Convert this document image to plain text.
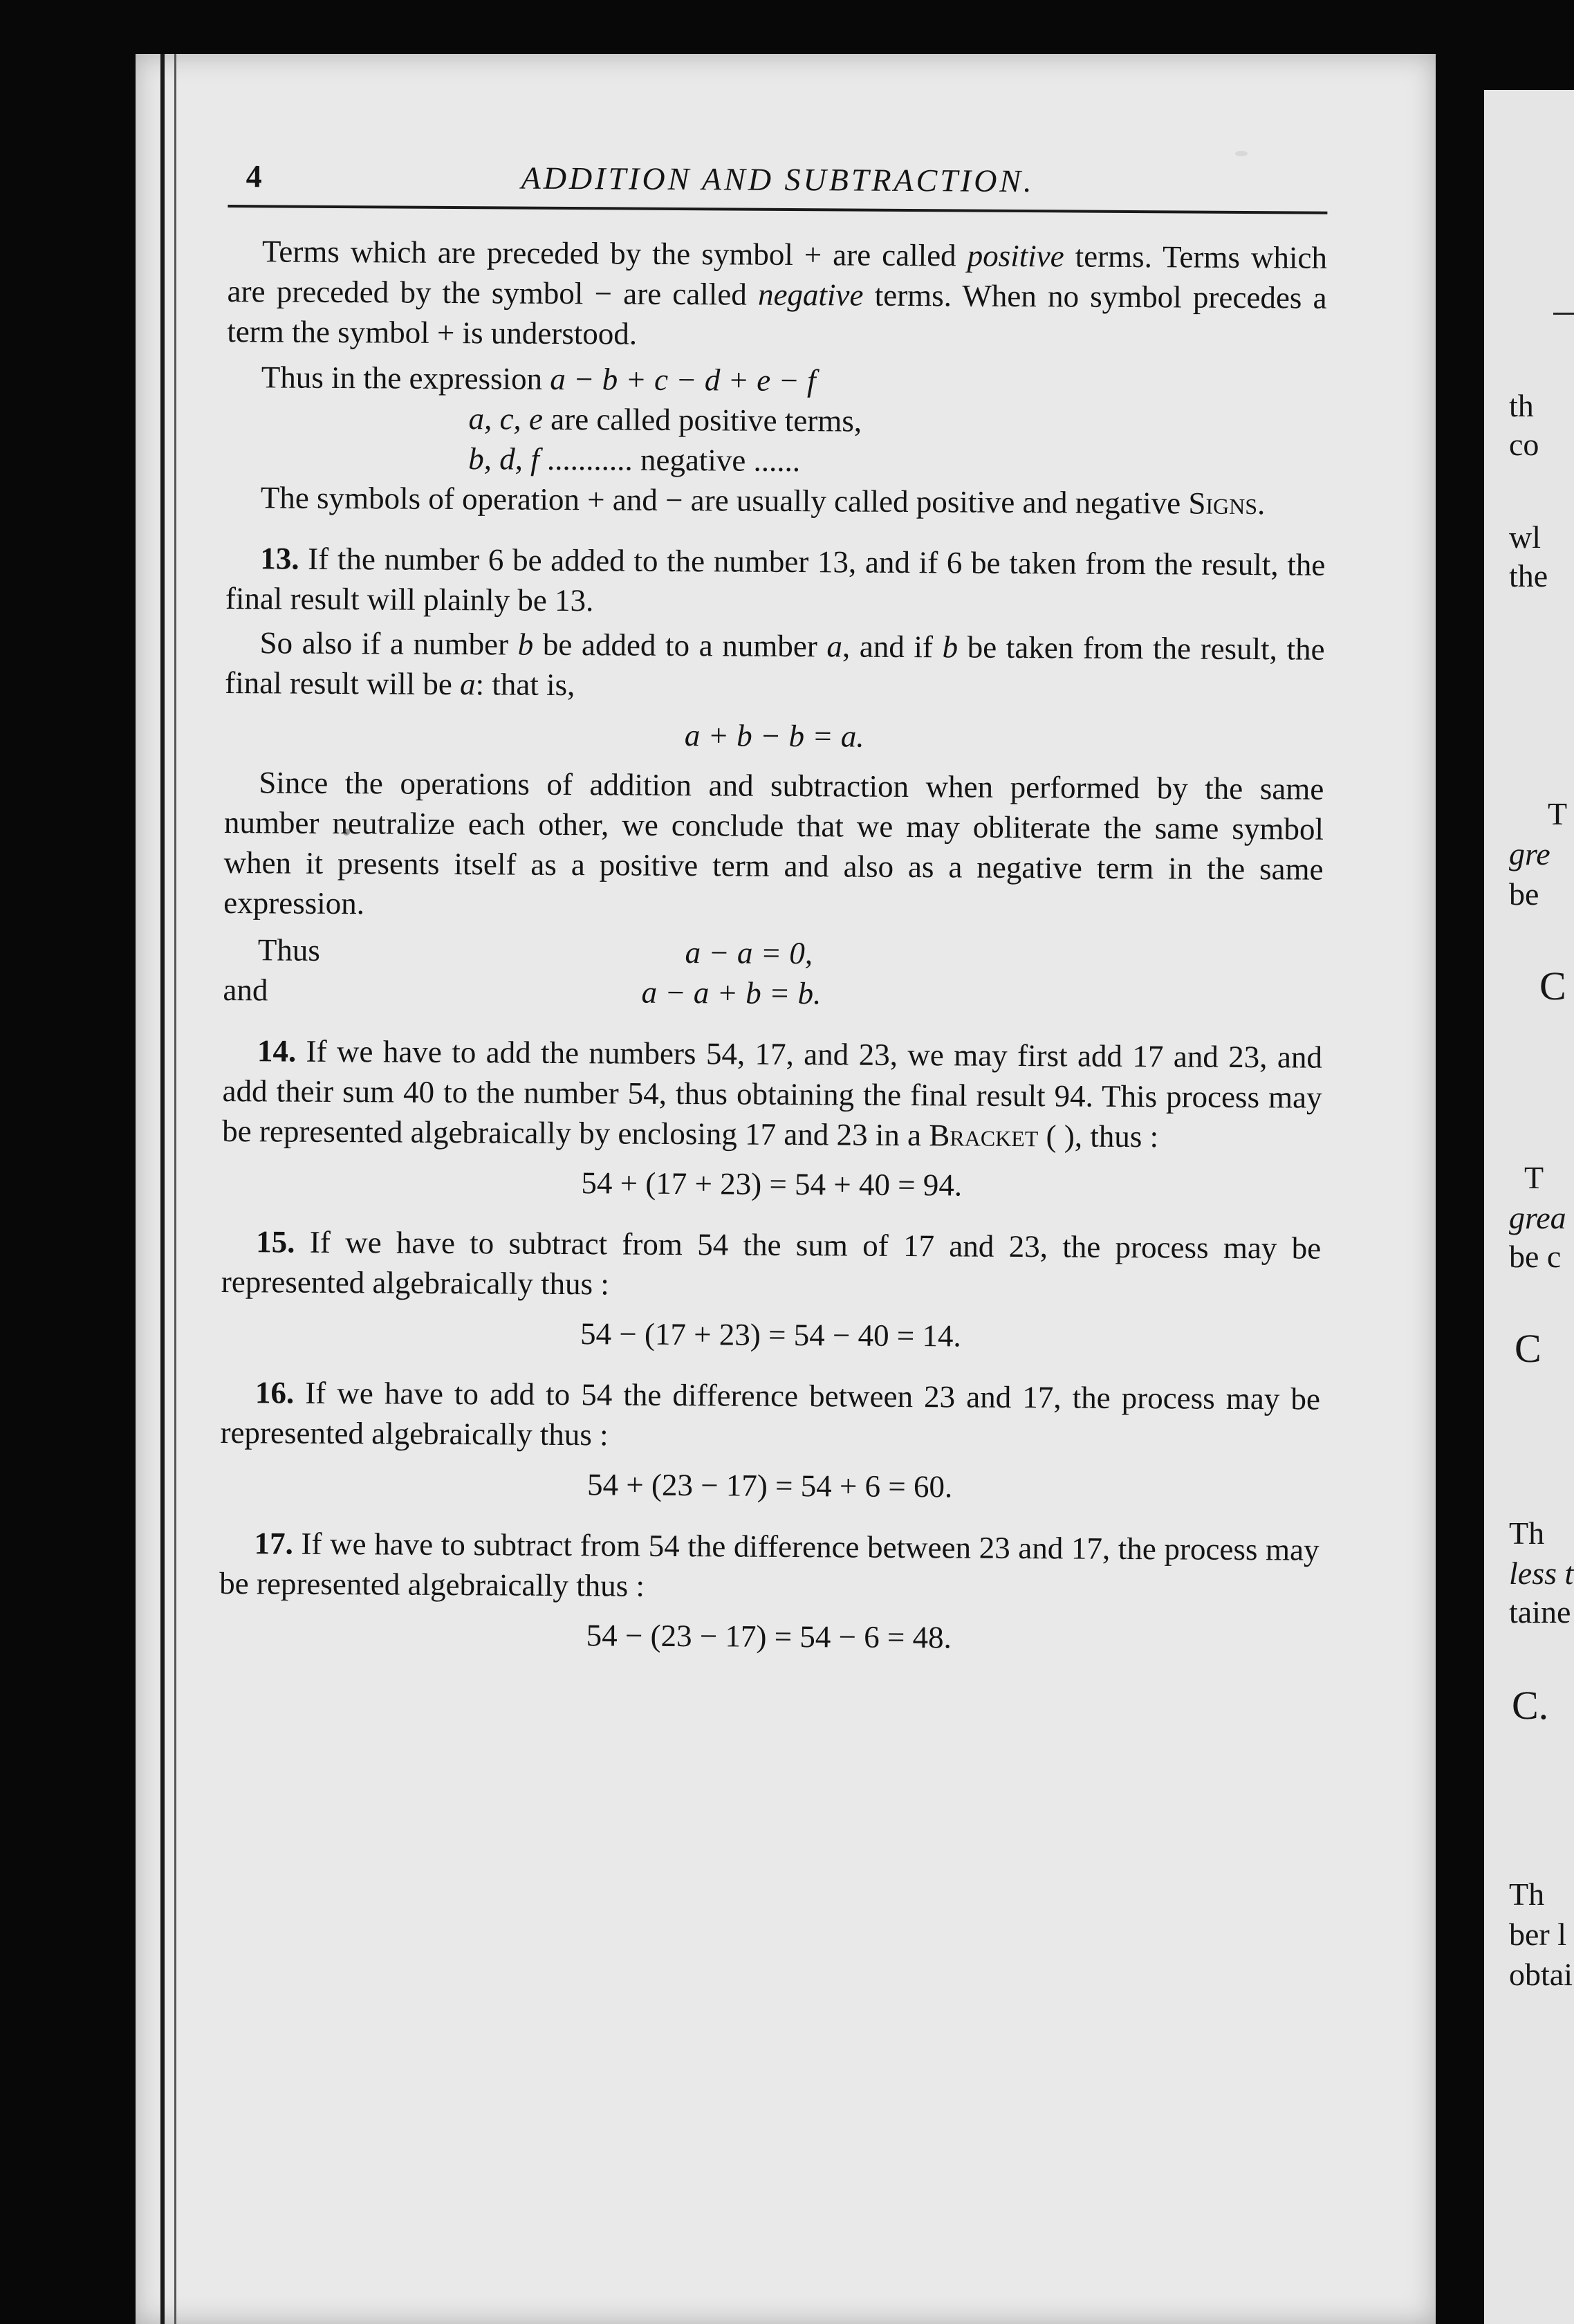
4	ADDITION AND SUBTRACTION.

Terms which are preceded by the symbol + are called positive terms. Terms which are preceded by the symbol − are called negative terms. When no symbol precedes a term the symbol + is understood.

Thus in the expression a − b + c − d + e − f

a, c, e are called positive terms,
b, d, f ........... negative ......

The symbols of operation + and − are usually called positive and negative Signs.

13. If the number 6 be added to the number 13, and if 6 be taken from the result, the final result will plainly be 13.

So also if a number b be added to a number a, and if b be taken from the result, the final result will be a: that is,

a + b − b = a.

Since the operations of addition and subtraction when performed by the same number neutralize each other, we conclude that we may obliterate the same symbol when it presents itself as a positive term and also as a negative term in the same expression.

Thus	a − a = 0,
and	a − a + b = b.

14. If we have to add the numbers 54, 17, and 23, we may first add 17 and 23, and add their sum 40 to the number 54, thus obtaining the final result 94. This process may be represented algebraically by enclosing 17 and 23 in a Bracket ( ), thus :

54 + (17 + 23) = 54 + 40 = 94.

15. If we have to subtract from 54 the sum of 17 and 23, the process may be represented algebraically thus :

54 − (17 + 23) = 54 − 40 = 14.

16. If we have to add to 54 the difference between 23 and 17, the process may be represented algebraically thus :

54 + (23 − 17) = 54 + 6 = 60.

17. If we have to subtract from 54 the difference between 23 and 17, the process may be represented algebraically thus :

54 − (23 − 17) = 54 − 6 = 48.
th
co
wl
the
T
gre
be
C
T
grea
be c
C
Th
less t
taine
C.
Th
ber l
obtai
